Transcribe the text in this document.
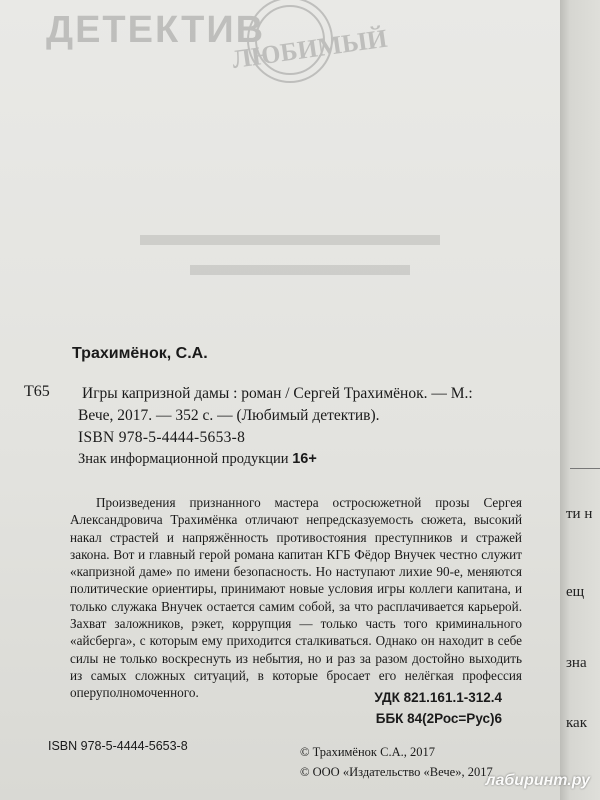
ЛЮБИМЫЙ
ДЕТЕКТИВ
Трахимёнок, С.А.
Т65 Игры капризной дамы : роман / Сергей Трахимёнок. — М.:
Вече, 2017. — 352 с. — (Любимый детектив).
ISBN 978-5-4444-5653-8
Знак информационной продукции 16+

Произведения признанного мастера остросюжетной прозы Сергея Александровича Трахимёнка отличают непредсказуемость сюжета, высокий накал страстей и напряжённость противостояния преступников и стражей закона. Вот и главный герой романа капитан КГБ Фёдор Внучек честно служит «капризной даме» по имени безопасность. Но наступают лихие 90-е, меняются политические ориентиры, принимают новые условия игры коллеги капитана, и только служака Внучек остается самим собой, за что расплачивается карьерой. Захват заложников, рэкет, коррупция — только часть того криминального «айсберга», с которым ему приходится сталкиваться. Однако он находит в себе силы не только воскреснуть из небытия, но и раз за разом достойно выходить из самых сложных ситуаций, в которые бросает его нелёгкая профессия оперуполномоченного.	УДК 821.161.1-312.4
ББК 84(2Рос=Рус)6
ISBN 978-5-4444-5653-8	© Трахимёнок С.А., 2017
© ООО «Издательство «Вече», 2017
ти н
ещ
зна
как
лабиринт.ру
